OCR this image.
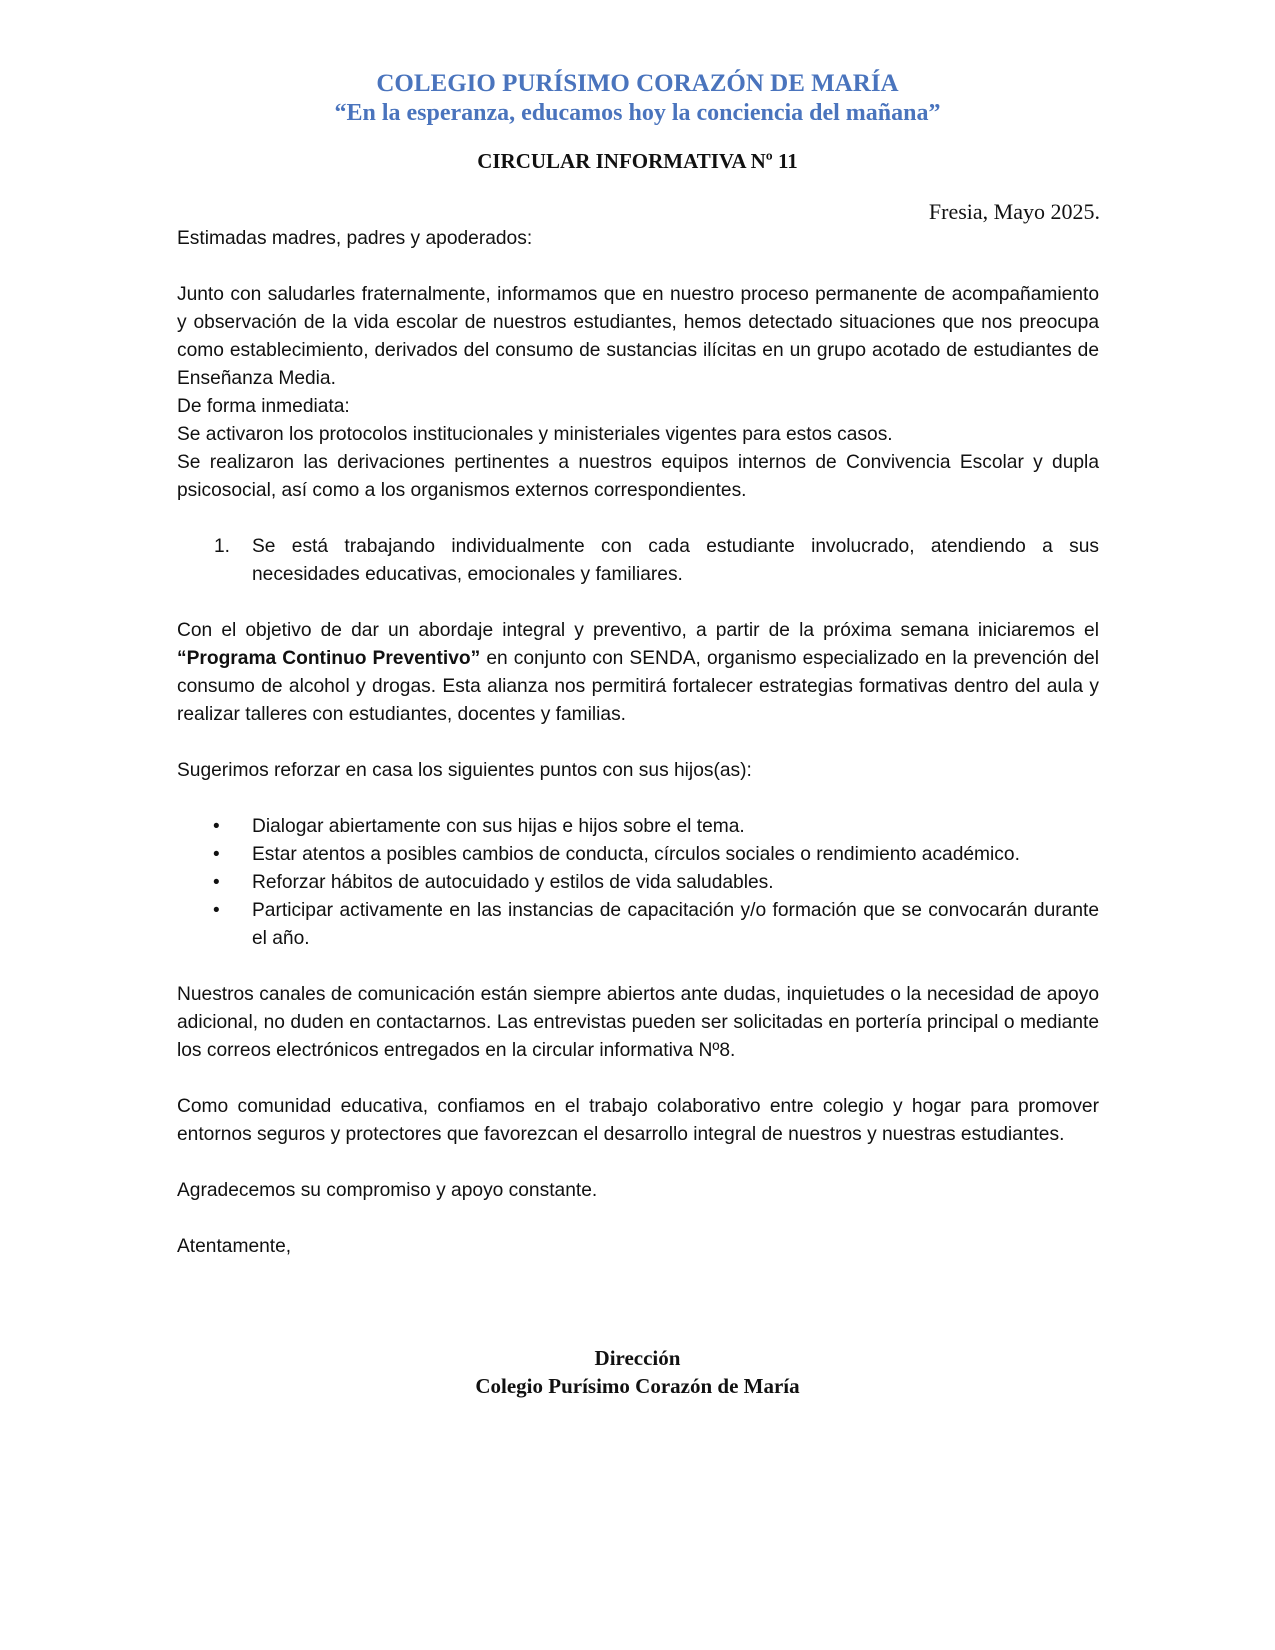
COLEGIO PURÍSIMO CORAZÓN DE MARÍA
“En la esperanza, educamos hoy la conciencia del mañana”
CIRCULAR INFORMATIVA Nº 11
Fresia, Mayo 2025.

Estimadas madres, padres y apoderados:

Junto con saludarles fraternalmente, informamos que en nuestro proceso permanente de acompañamiento y observación de la vida escolar de nuestros estudiantes, hemos detectado situaciones que nos preocupa como establecimiento, derivados del consumo de sustancias ilícitas en un grupo acotado de estudiantes de Enseñanza Media.

De forma inmediata:

Se activaron los protocolos institucionales y ministeriales vigentes para estos casos.

Se realizaron las derivaciones pertinentes a nuestros equipos internos de Convivencia Escolar y dupla psicosocial, así como a los organismos externos correspondientes.

1. Se está trabajando individualmente con cada estudiante involucrado, atendiendo a sus necesidades educativas, emocionales y familiares.

Con el objetivo de dar un abordaje integral y preventivo, a partir de la próxima semana iniciaremos el “Programa Continuo Preventivo” en conjunto con SENDA, organismo especializado en la prevención del consumo de alcohol y drogas. Esta alianza nos permitirá fortalecer estrategias formativas dentro del aula y realizar talleres con estudiantes, docentes y familias.

Sugerimos reforzar en casa los siguientes puntos con sus hijos(as):

• Dialogar abiertamente con sus hijas e hijos sobre el tema.
• Estar atentos a posibles cambios de conducta, círculos sociales o rendimiento académico.
• Reforzar hábitos de autocuidado y estilos de vida saludables.
• Participar activamente en las instancias de capacitación y/o formación que se convocarán durante el año.

Nuestros canales de comunicación están siempre abiertos ante dudas, inquietudes o la necesidad de apoyo adicional, no duden en contactarnos. Las entrevistas pueden ser solicitadas en portería principal o mediante los correos electrónicos entregados en la circular informativa Nº8.

Como comunidad educativa, confiamos en el trabajo colaborativo entre colegio y hogar para promover entornos seguros y protectores que favorezcan el desarrollo integral de nuestros y nuestras estudiantes.

Agradecemos su compromiso y apoyo constante.

Atentamente,

Dirección
Colegio Purísimo Corazón de María
